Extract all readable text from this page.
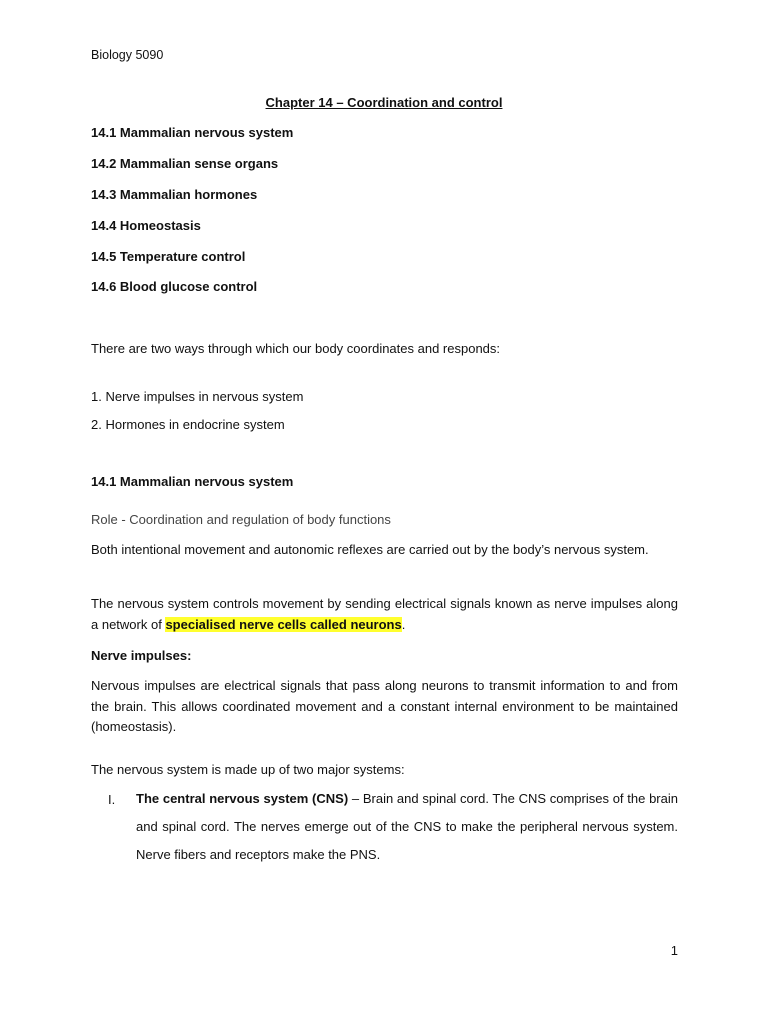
Biology 5090
Chapter 14 – Coordination and control
14.1 Mammalian nervous system
14.2 Mammalian sense organs
14.3 Mammalian hormones
14.4 Homeostasis
14.5 Temperature control
14.6 Blood glucose control
There are two ways through which our body coordinates and responds:
1. Nerve impulses in nervous system
2. Hormones in endocrine system
14.1 Mammalian nervous system
Role - Coordination and regulation of body functions
Both intentional movement and autonomic reflexes are carried out by the body’s nervous system.
The nervous system controls movement by sending electrical signals known as nerve impulses along a network of specialised nerve cells called neurons.
Nerve impulses:
Nervous impulses are electrical signals that pass along neurons to transmit information to and from the brain. This allows coordinated movement and a constant internal environment to be maintained (homeostasis).
The nervous system is made up of two major systems:
I. The central nervous system (CNS) – Brain and spinal cord. The CNS comprises of the brain and spinal cord. The nerves emerge out of the CNS to make the peripheral nervous system. Nerve fibers and receptors make the PNS.
1
